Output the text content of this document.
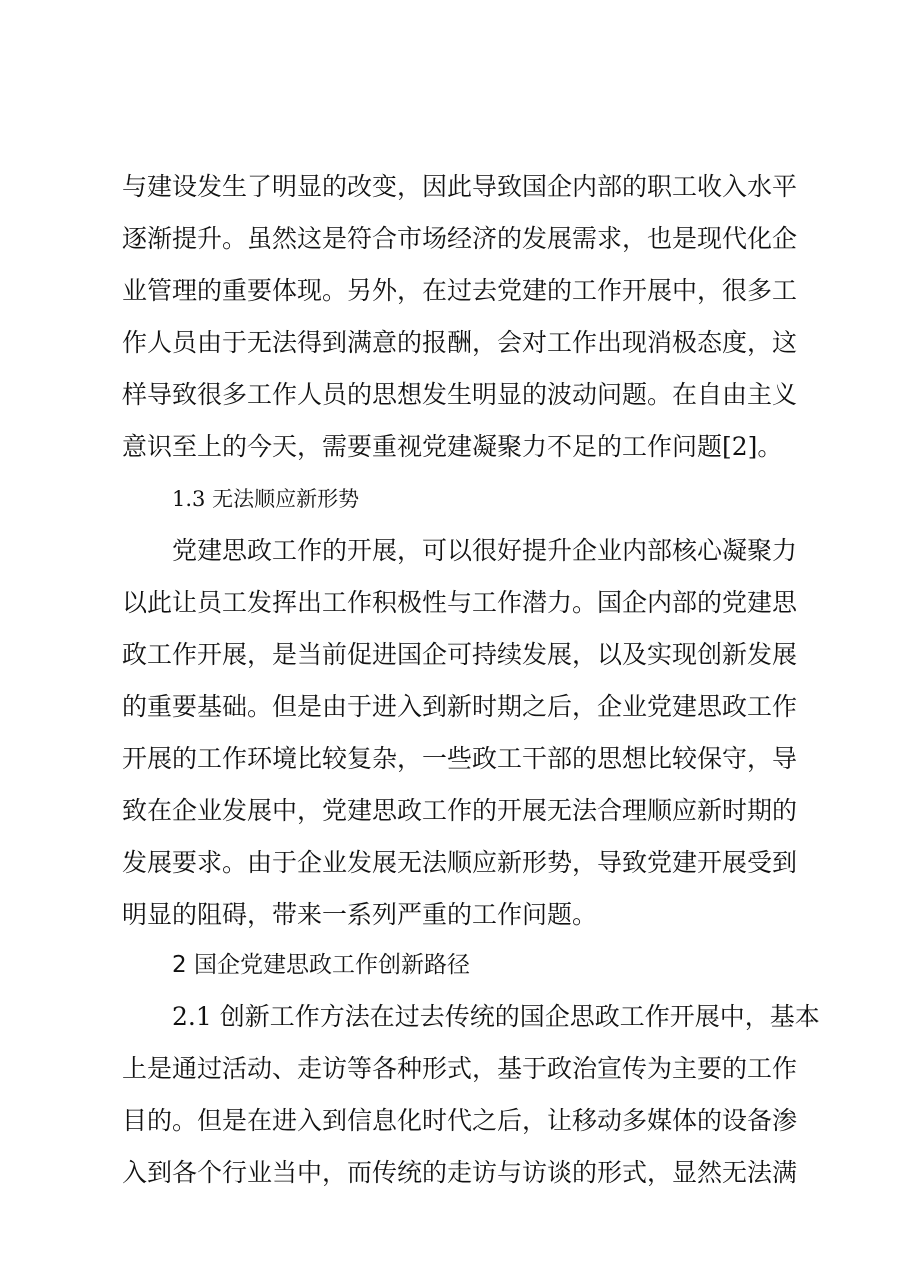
与建设发生了明显的改变，因此导致国企内部的职工收入水平
逐渐提升。虽然这是符合市场经济的发展需求，也是现代化企
业管理的重要体现。另外，在过去党建的工作开展中，很多工
作人员由于无法得到满意的报酬，会对工作出现消极态度，这
样导致很多工作人员的思想发生明显的波动问题。在自由主义
意识至上的今天，需要重视党建凝聚力不足的工作问题[2]。
1.3 无法顺应新形势
党建思政工作的开展，可以很好提升企业内部核心凝聚力
以此让员工发挥出工作积极性与工作潜力。国企内部的党建思
政工作开展，是当前促进国企可持续发展，以及实现创新发展
的重要基础。但是由于进入到新时期之后，企业党建思政工作
开展的工作环境比较复杂，一些政工干部的思想比较保守，导
致在企业发展中，党建思政工作的开展无法合理顺应新时期的
发展要求。由于企业发展无法顺应新形势，导致党建开展受到
明显的阻碍，带来一系列严重的工作问题。
2 国企党建思政工作创新路径
2.1 创新工作方法在过去传统的国企思政工作开展中，基本
上是通过活动、走访等各种形式，基于政治宣传为主要的工作
目的。但是在进入到信息化时代之后，让移动多媒体的设备渗
入到各个行业当中，而传统的走访与访谈的形式，显然无法满
